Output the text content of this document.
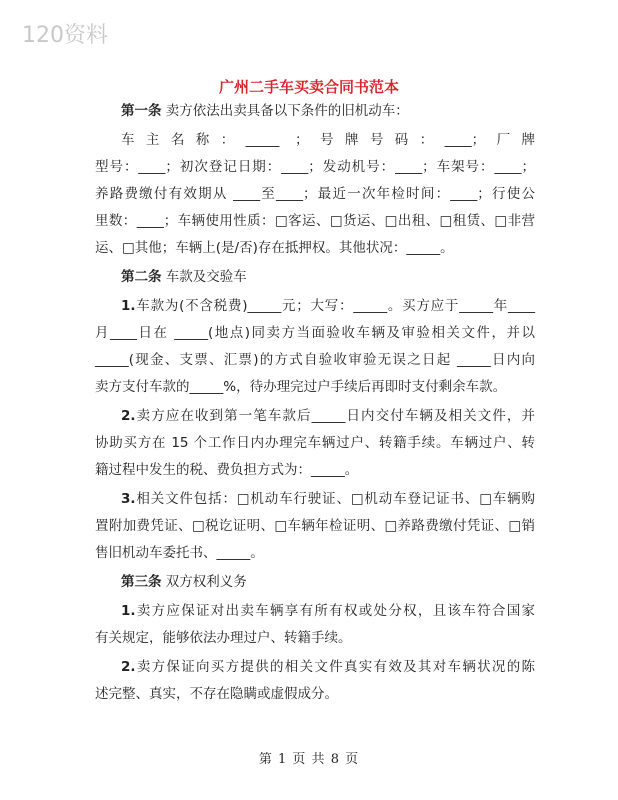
120资料
广州二手车买卖合同书范本
第一条 卖方依法出卖具备以下条件的旧机动车：
车主名称：_____ ；号牌号码：____；厂牌
型号：____；初次登记日期：____；发动机号：____；车架号：____；
养路费缴付有效期从 ____至____；最近一次年检时间：____；行使公
里数：____；车辆使用性质：□客运、□货运、□出租、□租赁、□非营
运、□其他；车辆上(是/否)存在抵押权。其他状况：_____。
第二条 车款及交验车
1.车款为(不含税费)_____元；大写：_____。买方应于_____年____
月____日在 _____(地点)同卖方当面验收车辆及审验相关文件，并以
_____(现金、支票、汇票)的方式自验收审验无误之日起 _____日内向
卖方支付车款的_____%，待办理完过户手续后再即时支付剩余车款。
2.卖方应在收到第一笔车款后_____日内交付车辆及相关文件，并
协助买方在 15 个工作日内办理完车辆过户、转籍手续。车辆过户、转
籍过程中发生的税、费负担方式为：_____。
3.相关文件包括：□机动车行驶证、□机动车登记证书、□车辆购
置附加费凭证、□税讫证明、□车辆年检证明、□养路费缴付凭证、□销
售旧机动车委托书、_____。
第三条 双方权利义务
1.卖方应保证对出卖车辆享有所有权或处分权，且该车符合国家
有关规定，能够依法办理过户、转籍手续。
2.卖方保证向买方提供的相关文件真实有效及其对车辆状况的陈
述完整、真实，不存在隐瞒或虚假成分。
第 1 页 共 8 页
